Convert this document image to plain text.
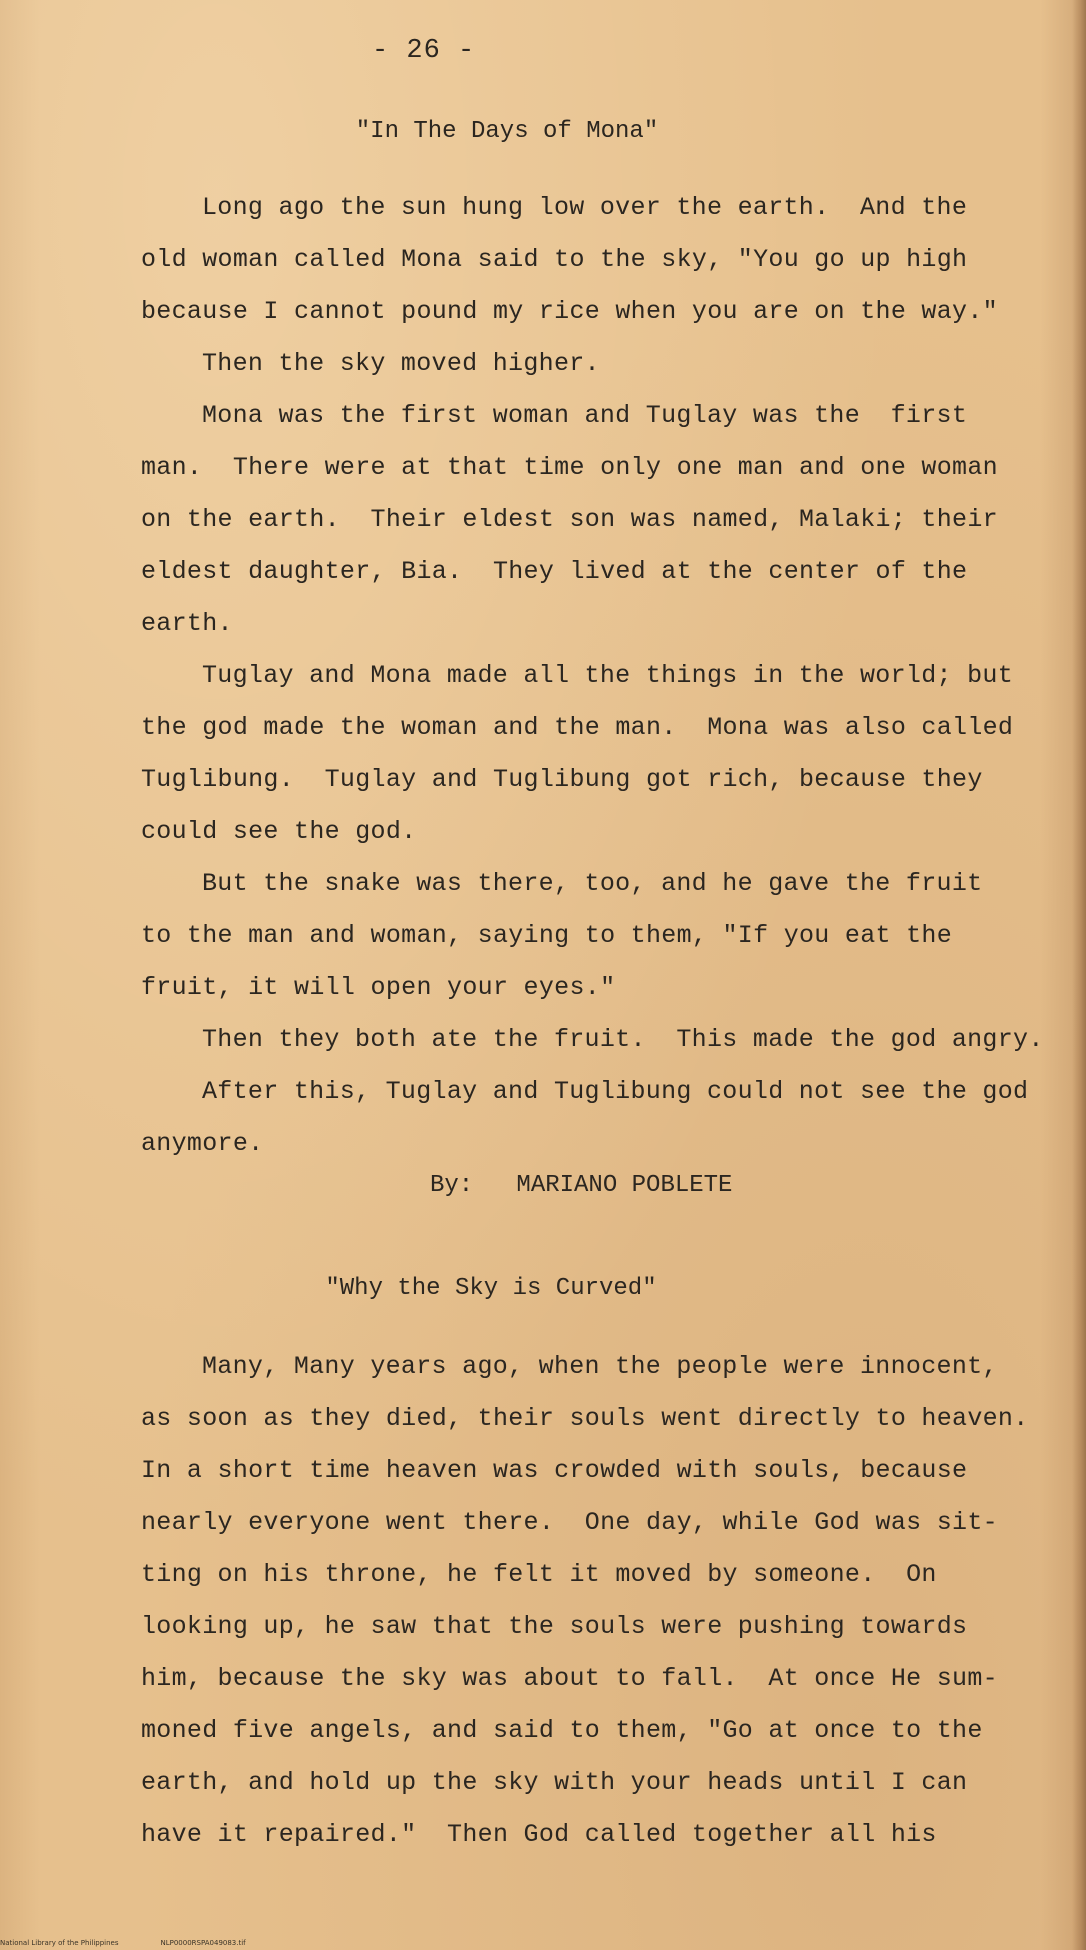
- 26 -
"In The Days of Mona"
Long ago the sun hung low over the earth.  And the
old woman called Mona said to the sky, "You go up high
because I cannot pound my rice when you are on the way."
Then the sky moved higher.
Mona was the first woman and Tuglay was the  first
man.  There were at that time only one man and one woman
on the earth.  Their eldest son was named, Malaki; their
eldest daughter, Bia.  They lived at the center of the
earth.
Tuglay and Mona made all the things in the world; but
the god made the woman and the man.  Mona was also called
Tuglibung.  Tuglay and Tuglibung got rich, because they
could see the god.
But the snake was there, too, and he gave the fruit
to the man and woman, saying to them, "If you eat the
fruit, it will open your eyes."
Then they both ate the fruit.  This made the god angry.
After this, Tuglay and Tuglibung could not see the god
anymore.
By:   MARIANO POBLETE
"Why the Sky is Curved"
Many, Many years ago, when the people were innocent,
as soon as they died, their souls went directly to heaven.
In a short time heaven was crowded with souls, because
nearly everyone went there.  One day, while God was sit-
ting on his throne, he felt it moved by someone.  On
looking up, he saw that the souls were pushing towards
him, because the sky was about to fall.  At once He sum-
moned five angels, and said to them, "Go at once to the
earth, and hold up the sky with your heads until I can
have it repaired."  Then God called together all his
National Library of the Philippines	NLP0000RSPA049083.tif
